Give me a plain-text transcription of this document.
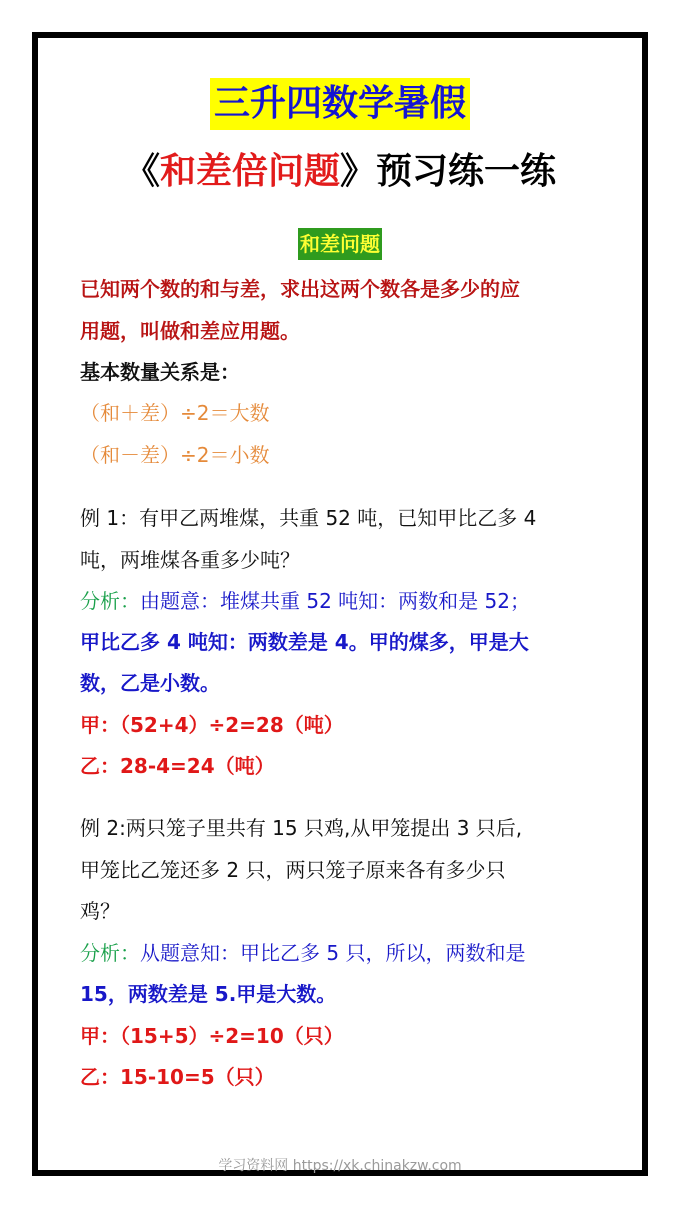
三升四数学暑假
《和差倍问题》预习练一练
和差问题
已知两个数的和与差，求出这两个数各是多少的应
用题，叫做和差应用题。
基本数量关系是：
（和＋差）÷2＝大数
（和－差）÷2＝小数
例 1：有甲乙两堆煤，共重 52 吨，已知甲比乙多 4
吨，两堆煤各重多少吨？
分析：由题意：堆煤共重 52 吨知：两数和是 52；
甲比乙多 4 吨知：两数差是 4。甲的煤多，甲是大
数，乙是小数。
甲：（52+4）÷2=28（吨）
乙：28-4=24（吨）
例 2:两只笼子里共有 15 只鸡,从甲笼提出 3 只后,
甲笼比乙笼还多 2 只，两只笼子原来各有多少只
鸡？
分析：从题意知：甲比乙多 5 只，所以，两数和是
15，两数差是 5.甲是大数。
甲：（15+5）÷2=10（只）
乙：15-10=5（只）
学习资料网 https://xk.chinakzw.com
